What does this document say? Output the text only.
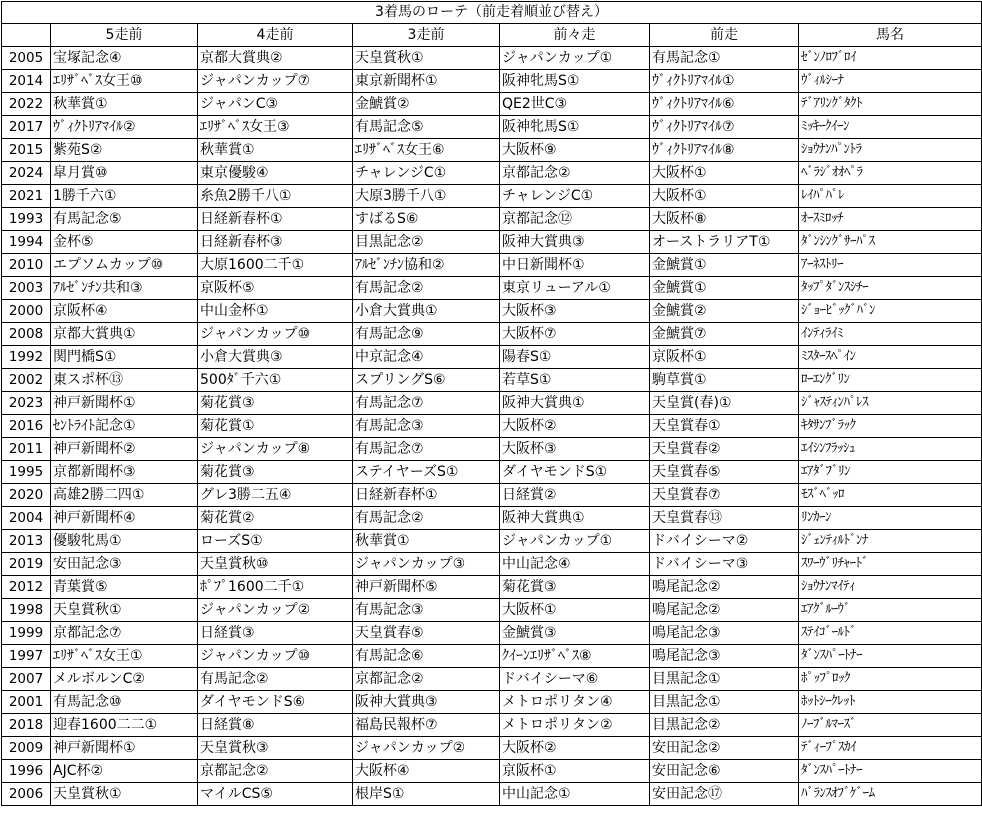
3着馬のローテ（前走着順並び替え）						
	5走前	4走前	3走前	前々走	前走	馬名
2005	宝塚記念④	京都大賞典②	天皇賞秋①	ジャパンカップ①	有馬記念①	ｾﾞﾝﾉﾛﾌﾞﾛｲ
2014	ｴﾘｻﾞﾍﾞｽ女王⑩	ジャパンカップ⑦	東京新聞杯①	阪神牝馬S①	ｳﾞｨｸﾄﾘｱﾏｲﾙ①	ｳﾞｨﾙｼｰﾅ
2022	秋華賞①	ジャパンC③	金鯱賞②	QE2世C③	ｳﾞｨｸﾄﾘｱﾏｲﾙ⑥	ﾃﾞｱﾘﾝｸﾞﾀｸﾄ
2017	ｳﾞｨｸﾄﾘｱﾏｲﾙ②	ｴﾘｻﾞﾍﾞｽ女王③	有馬記念⑤	阪神牝馬S①	ｳﾞｨｸﾄﾘｱﾏｲﾙ⑦	ﾐｯｷｰｸｲｰﾝ
2015	紫苑S②	秋華賞①	ｴﾘｻﾞﾍﾞｽ女王⑥	大阪杯⑨	ｳﾞｨｸﾄﾘｱﾏｲﾙ⑧	ｼｮｳﾅﾝﾊﾟﾝﾄﾗ
2024	皐月賞⑩	東京優駿④	チャレンジC①	京都記念②	大阪杯①	ﾍﾞﾗｼﾞｵｵﾍﾟﾗ
2021	1勝千六①	糸魚2勝千八①	大原3勝千八①	チャレンジC①	大阪杯①	ﾚｲﾊﾟﾊﾟﾚ
1993	有馬記念⑤	日経新春杯①	すばるS⑥	京都記念⑫	大阪杯⑧	ｵｰｽﾐﾛｯﾁ
1994	金杯⑤	日経新春杯③	目黒記念②	阪神大賞典③	オーストラリアT①	ﾀﾞﾝｼﾝｸﾞｻｰﾊﾟｽ
2010	エプソムカップ⑩	大原1600二千①	ｱﾙｾﾞﾝﾁﾝ協和②	中日新聞杯①	金鯱賞①	ｱｰﾈｽﾄﾘｰ
2003	ｱﾙｾﾞﾝﾁﾝ共和③	京阪杯⑤	有馬記念②	東京リューアル①	金鯱賞①	ﾀｯﾌﾟﾀﾞﾝｽｼﾁｰ
2000	京阪杯④	中山金杯①	小倉大賞典①	大阪杯③	金鯱賞②	ｼﾞｮｰﾋﾞｯｸﾞﾊﾞﾝ
2008	京都大賞典①	ジャパンカップ⑩	有馬記念⑨	大阪杯⑦	金鯱賞⑦	ｲﾝﾃｨﾗｲﾐ
1992	関門橋S①	小倉大賞典③	中京記念④	陽春S①	京阪杯①	ﾐｽﾀｰｽﾍﾟｲﾝ
2002	東スポ杯⑬	500ﾀﾞ千六①	スプリングS⑥	若草S①	駒草賞①	ﾛｰｴﾝｸﾞﾘﾝ
2023	神戸新聞杯①	菊花賞③	有馬記念⑦	阪神大賞典①	天皇賞(春)①	ｼﾞｬｽﾃｨﾝﾊﾟﾚｽ
2016	ｾﾝﾄﾗｲﾄ記念①	菊花賞①	有馬記念③	大阪杯②	天皇賞春①	ｷﾀｻﾝﾌﾞﾗｯｸ
2011	神戸新聞杯②	ジャパンカップ⑧	有馬記念⑦	大阪杯③	天皇賞春②	ｴｲｼﾝﾌﾗｯｼｭ
1995	京都新聞杯③	菊花賞③	ステイヤーズS①	ダイヤモンドS①	天皇賞春⑤	ｴｱﾀﾞﾌﾞﾘﾝ
2020	高雄2勝二四①	グレ3勝二五④	日経新春杯①	日経賞②	天皇賞春⑦	ﾓｽﾞﾍﾞｯﾛ
2004	神戸新聞杯④	菊花賞②	有馬記念②	阪神大賞典①	天皇賞春⑬	ﾘﾝｶｰﾝ
2013	優駿牝馬①	ローズS①	秋華賞①	ジャパンカップ①	ドバイシーマ②	ｼﾞｪﾝﾃｨﾙﾄﾞﾝﾅ
2019	安田記念③	天皇賞秋⑩	ジャパンカップ③	中山記念④	ドバイシーマ③	ｽﾜｰｳﾞﾘﾁｬｰﾄﾞ
2012	青葉賞⑤	ﾎﾟﾌﾟ1600二千①	神戸新聞杯⑤	菊花賞③	鳴尾記念②	ｼｮｳﾅﾝﾏｲﾃｨ
1998	天皇賞秋①	ジャパンカップ②	有馬記念③	大阪杯①	鳴尾記念②	ｴｱｸﾞﾙｰｳﾞ
1999	京都記念⑦	日経賞③	天皇賞春⑤	金鯱賞③	鳴尾記念③	ｽﾃｲｺﾞｰﾙﾄﾞ
1997	ｴﾘｻﾞﾍﾞｽ女王①	ジャパンカップ⑩	有馬記念⑥	ｸｲｰﾝｴﾘｻﾞﾍﾞｽ⑧	鳴尾記念③	ﾀﾞﾝｽﾊﾟｰﾄﾅｰ
2007	メルボルンC②	有馬記念②	京都記念②	ドバイシーマ⑥	目黒記念①	ﾎﾟｯﾌﾟﾛｯｸ
2001	有馬記念⑩	ダイヤモンドS⑥	阪神大賞典③	メトロポリタン④	目黒記念①	ﾎｯﾄｼｰｸﾚｯﾄ
2018	迎春1600二二①	日経賞⑧	福島民報杯⑦	メトロポリタン②	目黒記念②	ﾉｰﾌﾞﾙﾏｰｽﾞ
2009	神戸新聞杯①	天皇賞秋③	ジャパンカップ②	大阪杯②	安田記念②	ﾃﾞｨｰﾌﾟｽｶｲ
1996	AJC杯②	京都記念②	大阪杯④	京阪杯①	安田記念⑥	ﾀﾞﾝｽﾊﾟｰﾄﾅｰ
2006	天皇賞秋①	マイルCS⑤	根岸S①	中山記念①	安田記念⑰	ﾊﾞﾗﾝｽｵﾌﾞｹﾞｰﾑ
